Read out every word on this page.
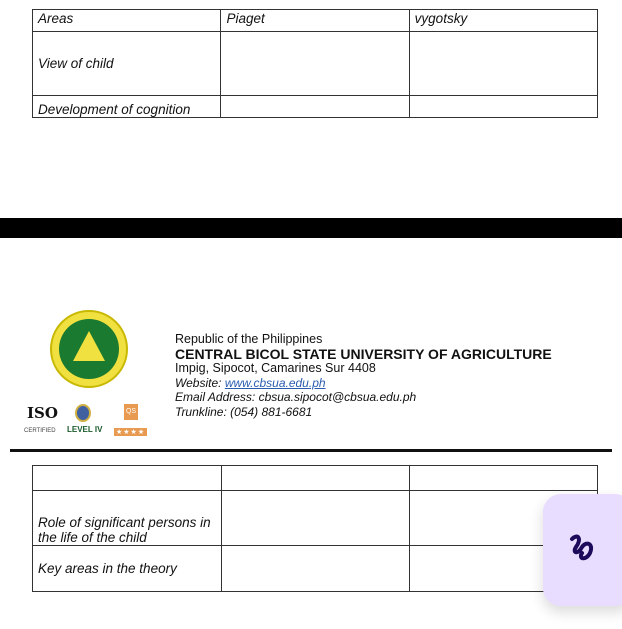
Areas	Piaget	vygotsky
View of child		
Development of cognition		
Republic of the Philippines
CENTRAL BICOL STATE UNIVERSITY OF AGRICULTURE
Impig, Sipocot, Camarines Sur 4408
Website: www.cbsua.edu.ph
Email Address: cbsua.sipocot@cbsua.edu.ph
Trunkline: (054) 881-6681
ISO
CERTIFIED LEVEL IV
QS
★★★★

Role of significant persons in the life of the child		
Key areas in the theory		
